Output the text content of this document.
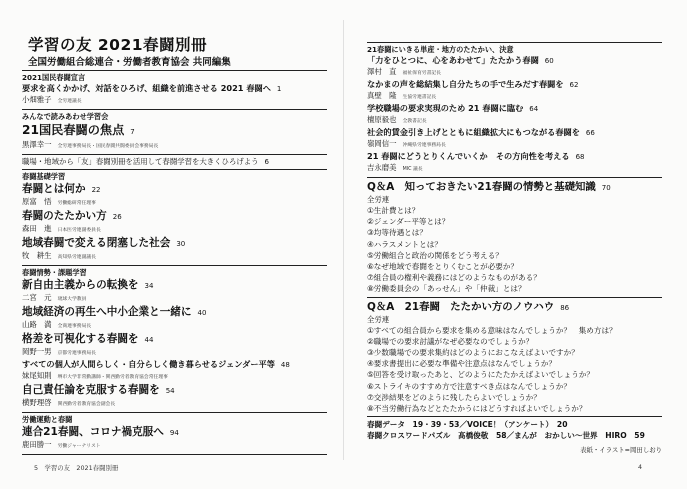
学習の友 2021春闘別冊
全国労働組合総連合・労働者教育協会 共同編集
2021国民春闘宣言
要求を高くかかげ、対話をひろげ、組織を前進させる 2021 春闘へ 1
小畑雅子 全労連議長
みんなで読みあわせ学習会
21国民春闘の焦点 7
黒澤幸一 全労連事務局長・国民春闘共闘委員会事務局長
職場・地域から「友」春闘別冊を活用して春闘学習を大きくひろげよう 6
春闘基礎学習
春闘とは何か 22
原富　悟 労働総研常任理事
春闘のたたかい方 26
森田　進 日本医労連副委員長
地域春闘で変える閉塞した社会 30
牧　耕生 高知県労連副議長
春闘情勢・課題学習
新自由主義からの転換を 34
二宮　元 琉球大学教員
地域経済の再生へ中小企業と一緒に 40
山路　満 全商連事務局長
格差を可視化する春闘を 44
岡野一男 京都労連事務局長
すべての個人が人間らしく・自分らしく働き暮らせるジェンダー平等 48
妹尾知則 堺市大学非常勤講師・関西勤労者教育協会常任理事
自己責任論を克服する春闘を 54
横野理啓 関西勤労者教育協会副会長
労働運動と春闘
連合21春闘、コロナ禍克服へ 94
鹿田勝一 労働ジャーナリスト
21春闘にいきる単産・地方のたたかい、決意
「力をひとつに、心をあわせて」たたかう春闘 60
澤村　直 福祉保育労書記長
なかまの声を総結集し自分たちの手で生みだす春闘を 62
真壁　隆 生協労連書記長
学校職場の要求実現のため 21 春闘に臨む 64
檀原毅也 全教書記長
社会的賃金引き上げとともに組織拡大にもつながる春闘を 66
嶺岡信一 沖縄県労連事務局長
21 春闘にどうとりくんでいくか　その方向性を考える 68
吉永磨美 MIC 議長
Q＆A　知っておきたい21春闘の情勢と基礎知識 70
全労連
①生計費とは？
②ジェンダー平等とは？
③均等待遇とは？
④ハラスメントとは？
⑤労働組合と政治の関係をどう考える？
⑥なぜ地域で春闘をとりくむことが必要か？
⑦組合員の権利や義務にはどのようなものがある？
⑧労働委員会の「あっせん」や「仲裁」とは？
Q＆A　21春闘　たたかい方のノウハウ 86
全労連
①すべての組合員から要求を集める意味はなんでしょうか？　集め方は？
②職場での要求討議がなぜ必要なのでしょうか？
③少数職場での要求集約はどのようにおこなえばよいですか？
④要求書提出に必要な準備や注意点はなんでしょうか？
⑤回答を受け取ったあと、どのようにたたかえばよいでしょうか？
⑥ストライキのすすめ方で注意すべき点はなんでしょうか？
⑦交渉結果をどのように残したらよいでしょうか？
⑧不当労働行為などとたたかうにはどうすればよいでしょうか？
春闘データ　19・39・53／VOICE！（アンケート）　20
春闘クロスワードパズル　髙橋俊敬　58／まんが　おかしい～世界　HIRO　59
表紙・イラスト=岡田しおり
5　学習の友　2021春闘別冊	4
